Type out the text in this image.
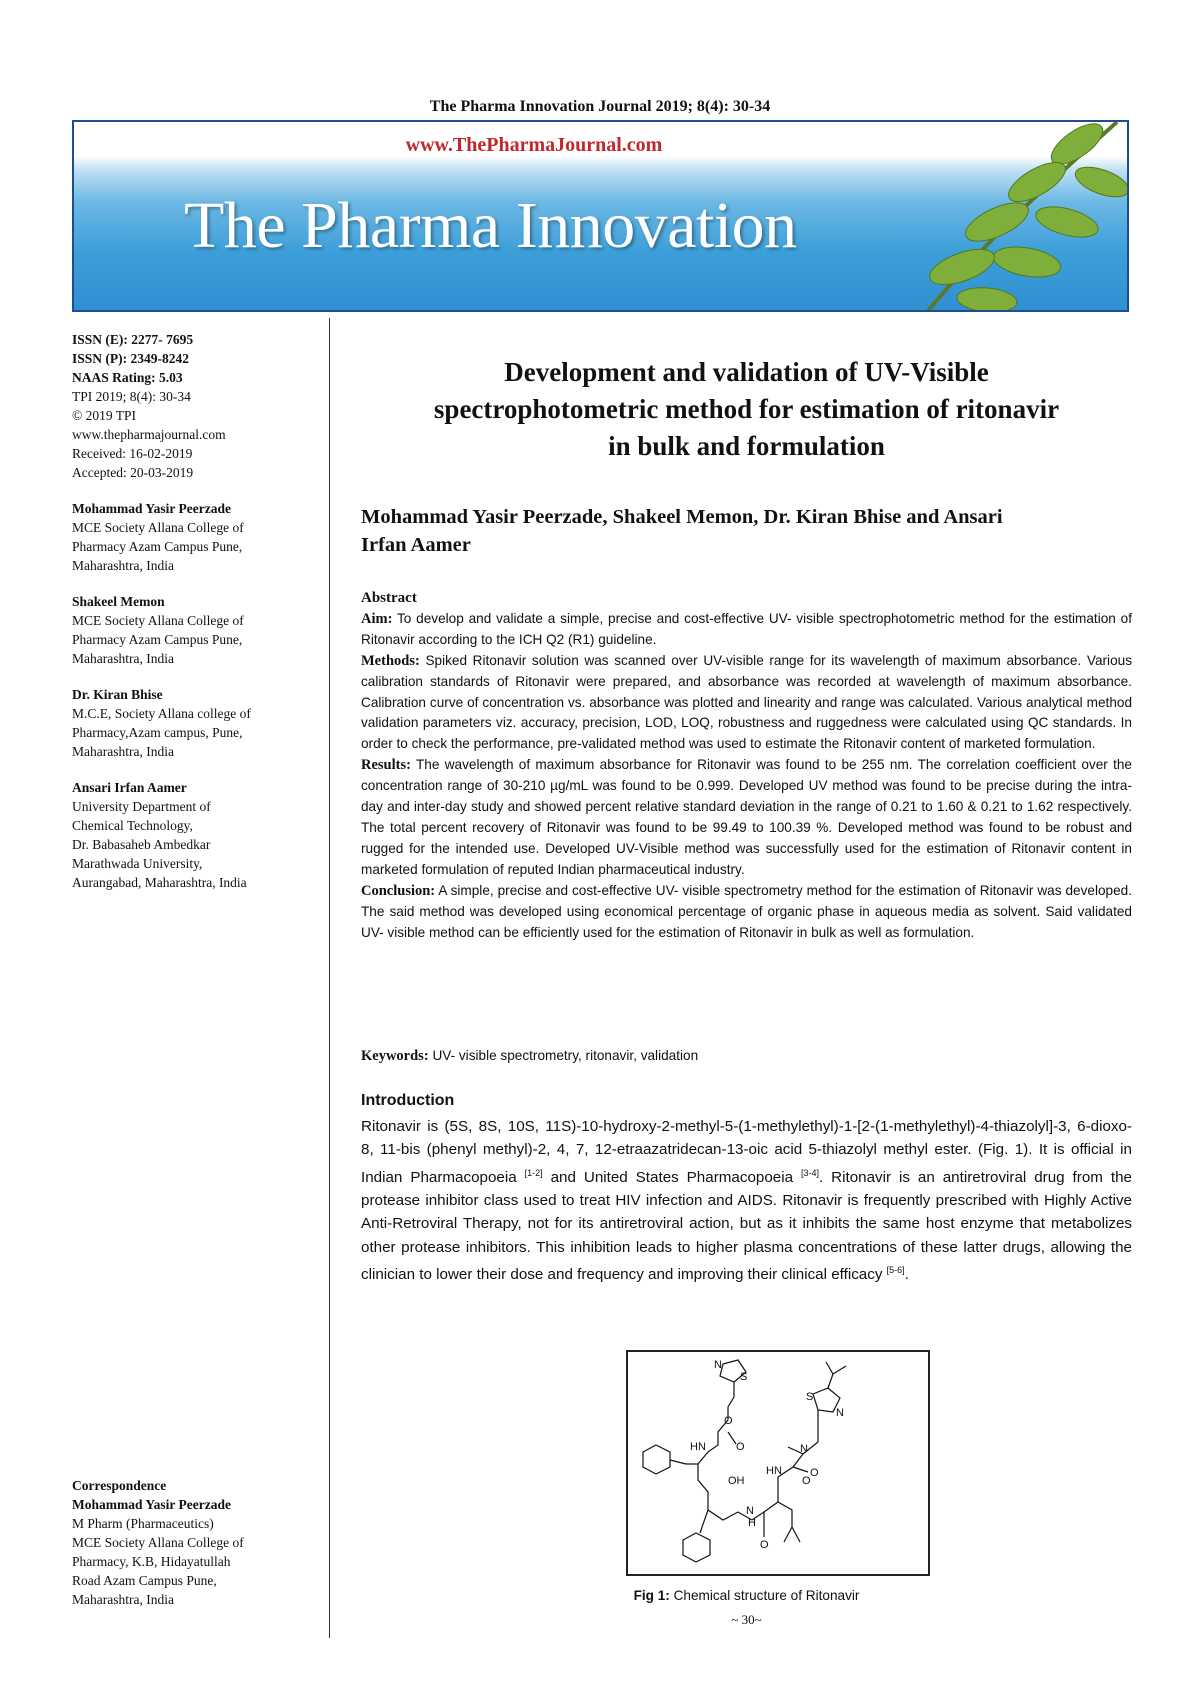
The Pharma Innovation Journal 2019; 8(4): 30-34
www.ThePharmaJournal.com
The Pharma Innovation
ISSN (E): 2277- 7695
ISSN (P): 2349-8242
NAAS Rating: 5.03
TPI 2019; 8(4): 30-34
© 2019 TPI
www.thepharmajournal.com
Received: 16-02-2019
Accepted: 20-03-2019
Mohammad Yasir Peerzade
MCE Society Allana College of
Pharmacy Azam Campus Pune,
Maharashtra, India
Shakeel Memon
MCE Society Allana College of
Pharmacy Azam Campus Pune,
Maharashtra, India
Dr. Kiran Bhise
M.C.E, Society Allana college of
Pharmacy,Azam campus, Pune,
Maharashtra, India
Ansari Irfan Aamer
University Department of
Chemical Technology,
Dr. Babasaheb Ambedkar
Marathwada University,
Aurangabad, Maharashtra, India
Correspondence
Mohammad Yasir Peerzade
M Pharm (Pharmaceutics)
MCE Society Allana College of
Pharmacy, K.B, Hidayatullah
Road Azam Campus Pune,
Maharashtra, India
Development and validation of UV-Visible
spectrophotometric method for estimation of ritonavir
in bulk and formulation
Mohammad Yasir Peerzade, Shakeel Memon, Dr. Kiran Bhise and Ansari
Irfan Aamer
Abstract

Aim: To develop and validate a simple, precise and cost-effective UV- visible spectrophotometric method for the estimation of Ritonavir according to the ICH Q2 (R1) guideline.

Methods: Spiked Ritonavir solution was scanned over UV-visible range for its wavelength of maximum absorbance. Various calibration standards of Ritonavir were prepared, and absorbance was recorded at wavelength of maximum absorbance. Calibration curve of concentration vs. absorbance was plotted and linearity and range was calculated. Various analytical method validation parameters viz. accuracy, precision, LOD, LOQ, robustness and ruggedness were calculated using QC standards. In order to check the performance, pre-validated method was used to estimate the Ritonavir content of marketed formulation.

Results: The wavelength of maximum absorbance for Ritonavir was found to be 255 nm. The correlation coefficient over the concentration range of 30-210 µg/mL was found to be 0.999. Developed UV method was found to be precise during the intra-day and inter-day study and showed percent relative standard deviation in the range of 0.21 to 1.60 & 0.21 to 1.62 respectively. The total percent recovery of Ritonavir was found to be 99.49 to 100.39 %. Developed method was found to be robust and rugged for the intended use. Developed UV-Visible method was successfully used for the estimation of Ritonavir content in marketed formulation of reputed Indian pharmaceutical industry.

Conclusion: A simple, precise and cost-effective UV- visible spectrometry method for the estimation of Ritonavir was developed. The said method was developed using economical percentage of organic phase in aqueous media as solvent. Said validated UV- visible method can be efficiently used for the estimation of Ritonavir in bulk as well as formulation.

Keywords: UV- visible spectrometry, ritonavir, validation
Introduction

Ritonavir is (5S, 8S, 10S, 11S)-10-hydroxy-2-methyl-5-(1-methylethyl)-1-[2-(1-methylethyl)-4-thiazolyl]-3, 6-dioxo-8, 11-bis (phenyl methyl)-2, 4, 7, 12-etraazatridecan-13-oic acid 5-thiazolyl methyl ester. (Fig. 1). It is official in Indian Pharmacopoeia [1-2] and United States Pharmacopoeia [3-4]. Ritonavir is an antiretroviral drug from the protease inhibitor class used to treat HIV infection and AIDS. Ritonavir is frequently prescribed with Highly Active Anti-Retroviral Therapy, not for its antiretroviral action, but as it inhibits the same host enzyme that metabolizes other protease inhibitors. This inhibition leads to higher plasma concentrations of these latter drugs, allowing the clinician to lower their dose and frequency and improving their clinical efficacy [5-6].

N
S
S
N
O
O
HN
O
N
HN
O
OH
N
H
O
Fig 1: Chemical structure of Ritonavir
~ 30~
